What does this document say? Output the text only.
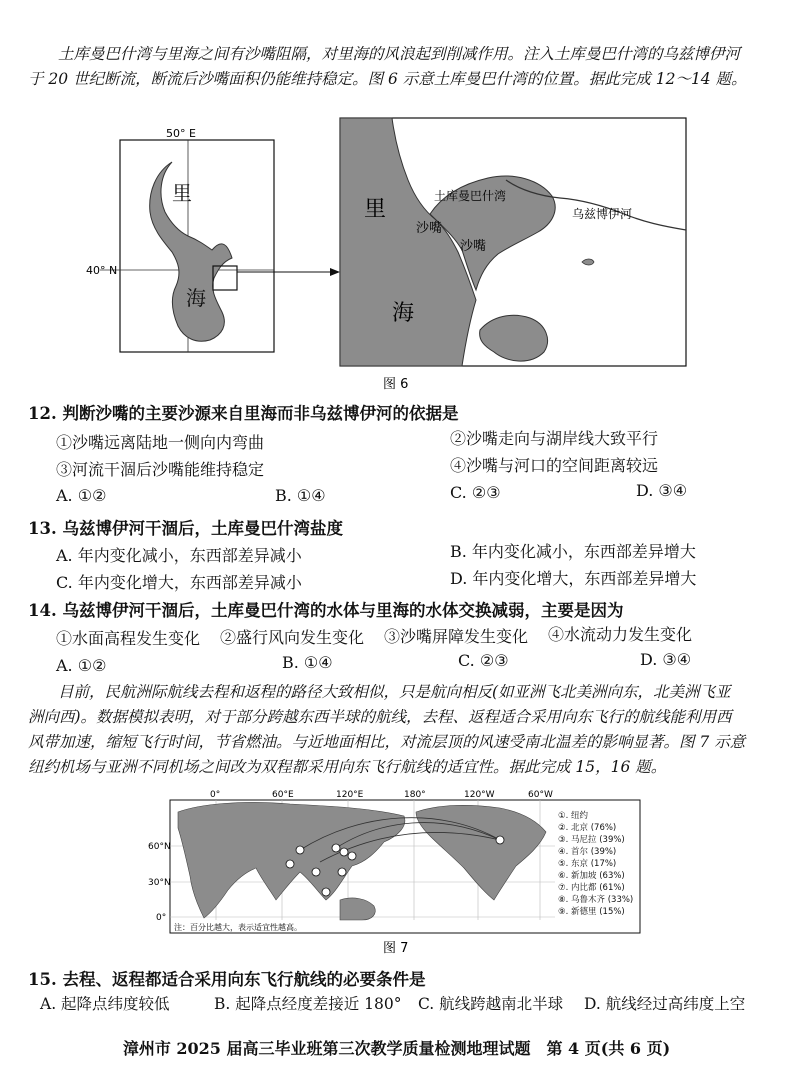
土库曼巴什湾与里海之间有沙嘴阻隔，对里海的风浪起到削减作用。注入土库曼巴什湾的乌兹博伊河
于 20 世纪断流，断流后沙嘴面积仍能维持稳定。图 6 示意土库曼巴什湾的位置。据此完成 12～14 题。
50° E
40° N
里
海
里
海
土库曼巴什湾
乌兹博伊河
沙嘴
沙嘴
图 6
12. 判断沙嘴的主要沙源来自里海而非乌兹博伊河的依据是
①沙嘴远离陆地一侧向内弯曲	②沙嘴走向与湖岸线大致平行
③河流干涸后沙嘴能维持稳定	④沙嘴与河口的空间距离较远
A. ①②	B. ①④	C. ②③	D. ③④
13. 乌兹博伊河干涸后，土库曼巴什湾盐度
A. 年内变化减小，东西部差异减小	B. 年内变化减小，东西部差异增大
C. 年内变化增大，东西部差异减小	D. 年内变化增大，东西部差异增大
14. 乌兹博伊河干涸后，土库曼巴什湾的水体与里海的水体交换减弱，主要是因为
①水面高程发生变化 ②盛行风向发生变化 ③沙嘴屏障发生变化 ④水流动力发生变化
A. ①②	B. ①④	C. ②③	D. ③④
目前，民航洲际航线去程和返程的路径大致相似，只是航向相反(如亚洲飞北美洲向东，北美洲飞亚
洲向西)。数据模拟表明，对于部分跨越东西半球的航线，去程、返程适合采用向东飞行的航线能利用西
风带加速，缩短飞行时间，节省燃油。与近地面相比，对流层顶的风速受南北温差的影响显著。图 7 示意
纽约机场与亚洲不同机场之间改为双程都采用向东飞行航线的适宜性。据此完成 15，16 题。
0°	60°E	120°E	180°	120°W	60°W
60°N
30°N
0°
①. 纽约
②. 北京 (76%)
③. 马尼拉 (39%)
④. 首尔 (39%)
⑤. 东京 (17%)
⑥. 新加坡 (63%)
⑦. 内比都 (61%)
⑧. 乌鲁木齐 (33%)
⑨. 新德里 (15%)
注：百分比越大，表示适宜性越高。
图 7
15. 去程、返程都适合采用向东飞行航线的必要条件是
A. 起降点纬度较低	B. 起降点经度差接近 180° C. 航线跨越南北半球 D. 航线经过高纬度上空
漳州市 2025 届高三毕业班第三次教学质量检测地理试题　第 4 页(共 6 页)
